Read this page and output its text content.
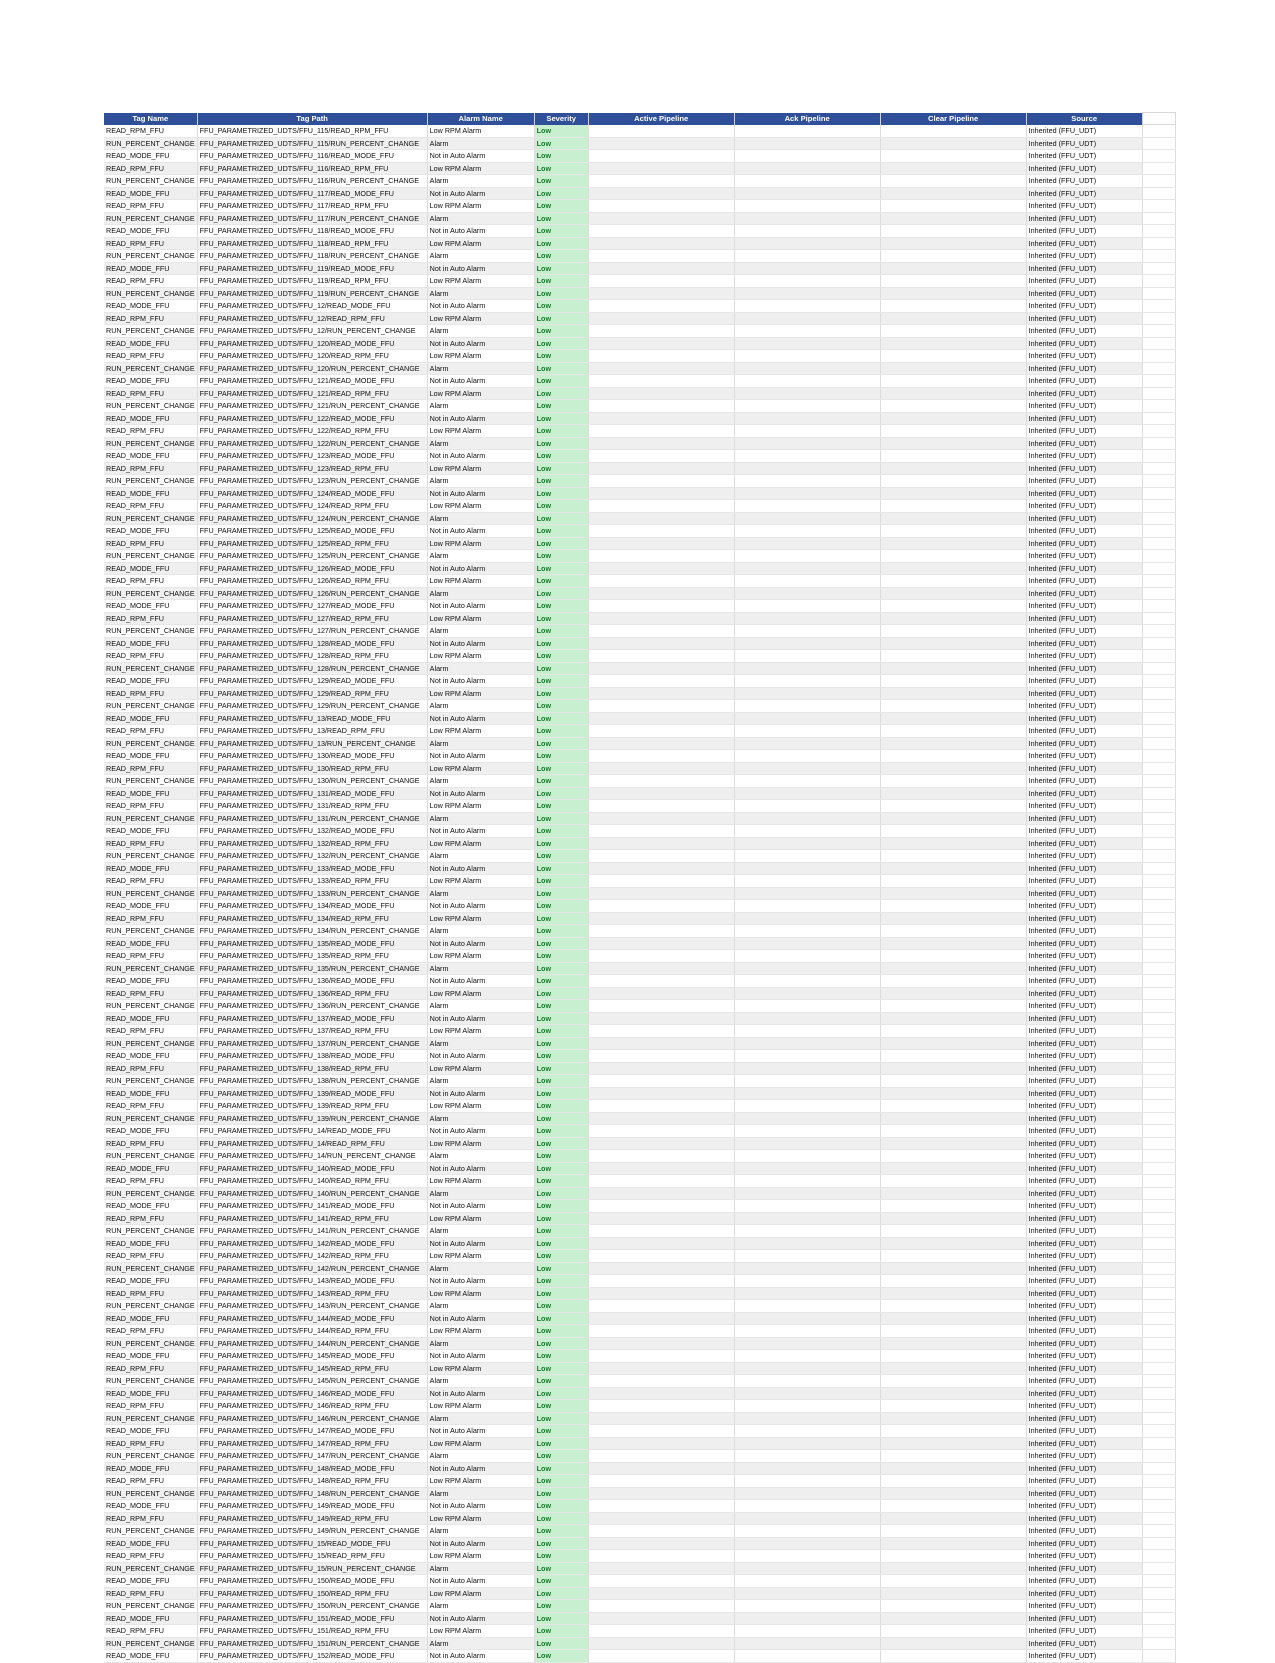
Tag Name	Tag Path	Alarm Name	Severity	Active Pipeline	Ack Pipeline	Clear Pipeline	Source	
READ_RPM_FFU	FFU_PARAMETRIZED_UDTS/FFU_115/READ_RPM_FFU	Low RPM Alarm	Low				Inherited (FFU_UDT)	
RUN_PERCENT_CHANGE	FFU_PARAMETRIZED_UDTS/FFU_115/RUN_PERCENT_CHANGE	Alarm	Low				Inherited (FFU_UDT)	
READ_MODE_FFU	FFU_PARAMETRIZED_UDTS/FFU_116/READ_MODE_FFU	Not in Auto Alarm	Low				Inherited (FFU_UDT)	
READ_RPM_FFU	FFU_PARAMETRIZED_UDTS/FFU_116/READ_RPM_FFU	Low RPM Alarm	Low				Inherited (FFU_UDT)	
RUN_PERCENT_CHANGE	FFU_PARAMETRIZED_UDTS/FFU_116/RUN_PERCENT_CHANGE	Alarm	Low				Inherited (FFU_UDT)	
READ_MODE_FFU	FFU_PARAMETRIZED_UDTS/FFU_117/READ_MODE_FFU	Not in Auto Alarm	Low				Inherited (FFU_UDT)	
READ_RPM_FFU	FFU_PARAMETRIZED_UDTS/FFU_117/READ_RPM_FFU	Low RPM Alarm	Low				Inherited (FFU_UDT)	
RUN_PERCENT_CHANGE	FFU_PARAMETRIZED_UDTS/FFU_117/RUN_PERCENT_CHANGE	Alarm	Low				Inherited (FFU_UDT)	
READ_MODE_FFU	FFU_PARAMETRIZED_UDTS/FFU_118/READ_MODE_FFU	Not in Auto Alarm	Low				Inherited (FFU_UDT)	
READ_RPM_FFU	FFU_PARAMETRIZED_UDTS/FFU_118/READ_RPM_FFU	Low RPM Alarm	Low				Inherited (FFU_UDT)	
RUN_PERCENT_CHANGE	FFU_PARAMETRIZED_UDTS/FFU_118/RUN_PERCENT_CHANGE	Alarm	Low				Inherited (FFU_UDT)	
READ_MODE_FFU	FFU_PARAMETRIZED_UDTS/FFU_119/READ_MODE_FFU	Not in Auto Alarm	Low				Inherited (FFU_UDT)	
READ_RPM_FFU	FFU_PARAMETRIZED_UDTS/FFU_119/READ_RPM_FFU	Low RPM Alarm	Low				Inherited (FFU_UDT)	
RUN_PERCENT_CHANGE	FFU_PARAMETRIZED_UDTS/FFU_119/RUN_PERCENT_CHANGE	Alarm	Low				Inherited (FFU_UDT)	
READ_MODE_FFU	FFU_PARAMETRIZED_UDTS/FFU_12/READ_MODE_FFU	Not in Auto Alarm	Low				Inherited (FFU_UDT)	
READ_RPM_FFU	FFU_PARAMETRIZED_UDTS/FFU_12/READ_RPM_FFU	Low RPM Alarm	Low				Inherited (FFU_UDT)	
RUN_PERCENT_CHANGE	FFU_PARAMETRIZED_UDTS/FFU_12/RUN_PERCENT_CHANGE	Alarm	Low				Inherited (FFU_UDT)	
READ_MODE_FFU	FFU_PARAMETRIZED_UDTS/FFU_120/READ_MODE_FFU	Not in Auto Alarm	Low				Inherited (FFU_UDT)	
READ_RPM_FFU	FFU_PARAMETRIZED_UDTS/FFU_120/READ_RPM_FFU	Low RPM Alarm	Low				Inherited (FFU_UDT)	
RUN_PERCENT_CHANGE	FFU_PARAMETRIZED_UDTS/FFU_120/RUN_PERCENT_CHANGE	Alarm	Low				Inherited (FFU_UDT)	
READ_MODE_FFU	FFU_PARAMETRIZED_UDTS/FFU_121/READ_MODE_FFU	Not in Auto Alarm	Low				Inherited (FFU_UDT)	
READ_RPM_FFU	FFU_PARAMETRIZED_UDTS/FFU_121/READ_RPM_FFU	Low RPM Alarm	Low				Inherited (FFU_UDT)	
RUN_PERCENT_CHANGE	FFU_PARAMETRIZED_UDTS/FFU_121/RUN_PERCENT_CHANGE	Alarm	Low				Inherited (FFU_UDT)	
READ_MODE_FFU	FFU_PARAMETRIZED_UDTS/FFU_122/READ_MODE_FFU	Not in Auto Alarm	Low				Inherited (FFU_UDT)	
READ_RPM_FFU	FFU_PARAMETRIZED_UDTS/FFU_122/READ_RPM_FFU	Low RPM Alarm	Low				Inherited (FFU_UDT)	
RUN_PERCENT_CHANGE	FFU_PARAMETRIZED_UDTS/FFU_122/RUN_PERCENT_CHANGE	Alarm	Low				Inherited (FFU_UDT)	
READ_MODE_FFU	FFU_PARAMETRIZED_UDTS/FFU_123/READ_MODE_FFU	Not in Auto Alarm	Low				Inherited (FFU_UDT)	
READ_RPM_FFU	FFU_PARAMETRIZED_UDTS/FFU_123/READ_RPM_FFU	Low RPM Alarm	Low				Inherited (FFU_UDT)	
RUN_PERCENT_CHANGE	FFU_PARAMETRIZED_UDTS/FFU_123/RUN_PERCENT_CHANGE	Alarm	Low				Inherited (FFU_UDT)	
READ_MODE_FFU	FFU_PARAMETRIZED_UDTS/FFU_124/READ_MODE_FFU	Not in Auto Alarm	Low				Inherited (FFU_UDT)	
READ_RPM_FFU	FFU_PARAMETRIZED_UDTS/FFU_124/READ_RPM_FFU	Low RPM Alarm	Low				Inherited (FFU_UDT)	
RUN_PERCENT_CHANGE	FFU_PARAMETRIZED_UDTS/FFU_124/RUN_PERCENT_CHANGE	Alarm	Low				Inherited (FFU_UDT)	
READ_MODE_FFU	FFU_PARAMETRIZED_UDTS/FFU_125/READ_MODE_FFU	Not in Auto Alarm	Low				Inherited (FFU_UDT)	
READ_RPM_FFU	FFU_PARAMETRIZED_UDTS/FFU_125/READ_RPM_FFU	Low RPM Alarm	Low				Inherited (FFU_UDT)	
RUN_PERCENT_CHANGE	FFU_PARAMETRIZED_UDTS/FFU_125/RUN_PERCENT_CHANGE	Alarm	Low				Inherited (FFU_UDT)	
READ_MODE_FFU	FFU_PARAMETRIZED_UDTS/FFU_126/READ_MODE_FFU	Not in Auto Alarm	Low				Inherited (FFU_UDT)	
READ_RPM_FFU	FFU_PARAMETRIZED_UDTS/FFU_126/READ_RPM_FFU	Low RPM Alarm	Low				Inherited (FFU_UDT)	
RUN_PERCENT_CHANGE	FFU_PARAMETRIZED_UDTS/FFU_126/RUN_PERCENT_CHANGE	Alarm	Low				Inherited (FFU_UDT)	
READ_MODE_FFU	FFU_PARAMETRIZED_UDTS/FFU_127/READ_MODE_FFU	Not in Auto Alarm	Low				Inherited (FFU_UDT)	
READ_RPM_FFU	FFU_PARAMETRIZED_UDTS/FFU_127/READ_RPM_FFU	Low RPM Alarm	Low				Inherited (FFU_UDT)	
RUN_PERCENT_CHANGE	FFU_PARAMETRIZED_UDTS/FFU_127/RUN_PERCENT_CHANGE	Alarm	Low				Inherited (FFU_UDT)	
READ_MODE_FFU	FFU_PARAMETRIZED_UDTS/FFU_128/READ_MODE_FFU	Not in Auto Alarm	Low				Inherited (FFU_UDT)	
READ_RPM_FFU	FFU_PARAMETRIZED_UDTS/FFU_128/READ_RPM_FFU	Low RPM Alarm	Low				Inherited (FFU_UDT)	
RUN_PERCENT_CHANGE	FFU_PARAMETRIZED_UDTS/FFU_128/RUN_PERCENT_CHANGE	Alarm	Low				Inherited (FFU_UDT)	
READ_MODE_FFU	FFU_PARAMETRIZED_UDTS/FFU_129/READ_MODE_FFU	Not in Auto Alarm	Low				Inherited (FFU_UDT)	
READ_RPM_FFU	FFU_PARAMETRIZED_UDTS/FFU_129/READ_RPM_FFU	Low RPM Alarm	Low				Inherited (FFU_UDT)	
RUN_PERCENT_CHANGE	FFU_PARAMETRIZED_UDTS/FFU_129/RUN_PERCENT_CHANGE	Alarm	Low				Inherited (FFU_UDT)	
READ_MODE_FFU	FFU_PARAMETRIZED_UDTS/FFU_13/READ_MODE_FFU	Not in Auto Alarm	Low				Inherited (FFU_UDT)	
READ_RPM_FFU	FFU_PARAMETRIZED_UDTS/FFU_13/READ_RPM_FFU	Low RPM Alarm	Low				Inherited (FFU_UDT)	
RUN_PERCENT_CHANGE	FFU_PARAMETRIZED_UDTS/FFU_13/RUN_PERCENT_CHANGE	Alarm	Low				Inherited (FFU_UDT)	
READ_MODE_FFU	FFU_PARAMETRIZED_UDTS/FFU_130/READ_MODE_FFU	Not in Auto Alarm	Low				Inherited (FFU_UDT)	
READ_RPM_FFU	FFU_PARAMETRIZED_UDTS/FFU_130/READ_RPM_FFU	Low RPM Alarm	Low				Inherited (FFU_UDT)	
RUN_PERCENT_CHANGE	FFU_PARAMETRIZED_UDTS/FFU_130/RUN_PERCENT_CHANGE	Alarm	Low				Inherited (FFU_UDT)	
READ_MODE_FFU	FFU_PARAMETRIZED_UDTS/FFU_131/READ_MODE_FFU	Not in Auto Alarm	Low				Inherited (FFU_UDT)	
READ_RPM_FFU	FFU_PARAMETRIZED_UDTS/FFU_131/READ_RPM_FFU	Low RPM Alarm	Low				Inherited (FFU_UDT)	
RUN_PERCENT_CHANGE	FFU_PARAMETRIZED_UDTS/FFU_131/RUN_PERCENT_CHANGE	Alarm	Low				Inherited (FFU_UDT)	
READ_MODE_FFU	FFU_PARAMETRIZED_UDTS/FFU_132/READ_MODE_FFU	Not in Auto Alarm	Low				Inherited (FFU_UDT)	
READ_RPM_FFU	FFU_PARAMETRIZED_UDTS/FFU_132/READ_RPM_FFU	Low RPM Alarm	Low				Inherited (FFU_UDT)	
RUN_PERCENT_CHANGE	FFU_PARAMETRIZED_UDTS/FFU_132/RUN_PERCENT_CHANGE	Alarm	Low				Inherited (FFU_UDT)	
READ_MODE_FFU	FFU_PARAMETRIZED_UDTS/FFU_133/READ_MODE_FFU	Not in Auto Alarm	Low				Inherited (FFU_UDT)	
READ_RPM_FFU	FFU_PARAMETRIZED_UDTS/FFU_133/READ_RPM_FFU	Low RPM Alarm	Low				Inherited (FFU_UDT)	
RUN_PERCENT_CHANGE	FFU_PARAMETRIZED_UDTS/FFU_133/RUN_PERCENT_CHANGE	Alarm	Low				Inherited (FFU_UDT)	
READ_MODE_FFU	FFU_PARAMETRIZED_UDTS/FFU_134/READ_MODE_FFU	Not in Auto Alarm	Low				Inherited (FFU_UDT)	
READ_RPM_FFU	FFU_PARAMETRIZED_UDTS/FFU_134/READ_RPM_FFU	Low RPM Alarm	Low				Inherited (FFU_UDT)	
RUN_PERCENT_CHANGE	FFU_PARAMETRIZED_UDTS/FFU_134/RUN_PERCENT_CHANGE	Alarm	Low				Inherited (FFU_UDT)	
READ_MODE_FFU	FFU_PARAMETRIZED_UDTS/FFU_135/READ_MODE_FFU	Not in Auto Alarm	Low				Inherited (FFU_UDT)	
READ_RPM_FFU	FFU_PARAMETRIZED_UDTS/FFU_135/READ_RPM_FFU	Low RPM Alarm	Low				Inherited (FFU_UDT)	
RUN_PERCENT_CHANGE	FFU_PARAMETRIZED_UDTS/FFU_135/RUN_PERCENT_CHANGE	Alarm	Low				Inherited (FFU_UDT)	
READ_MODE_FFU	FFU_PARAMETRIZED_UDTS/FFU_136/READ_MODE_FFU	Not in Auto Alarm	Low				Inherited (FFU_UDT)	
READ_RPM_FFU	FFU_PARAMETRIZED_UDTS/FFU_136/READ_RPM_FFU	Low RPM Alarm	Low				Inherited (FFU_UDT)	
RUN_PERCENT_CHANGE	FFU_PARAMETRIZED_UDTS/FFU_136/RUN_PERCENT_CHANGE	Alarm	Low				Inherited (FFU_UDT)	
READ_MODE_FFU	FFU_PARAMETRIZED_UDTS/FFU_137/READ_MODE_FFU	Not in Auto Alarm	Low				Inherited (FFU_UDT)	
READ_RPM_FFU	FFU_PARAMETRIZED_UDTS/FFU_137/READ_RPM_FFU	Low RPM Alarm	Low				Inherited (FFU_UDT)	
RUN_PERCENT_CHANGE	FFU_PARAMETRIZED_UDTS/FFU_137/RUN_PERCENT_CHANGE	Alarm	Low				Inherited (FFU_UDT)	
READ_MODE_FFU	FFU_PARAMETRIZED_UDTS/FFU_138/READ_MODE_FFU	Not in Auto Alarm	Low				Inherited (FFU_UDT)	
READ_RPM_FFU	FFU_PARAMETRIZED_UDTS/FFU_138/READ_RPM_FFU	Low RPM Alarm	Low				Inherited (FFU_UDT)	
RUN_PERCENT_CHANGE	FFU_PARAMETRIZED_UDTS/FFU_138/RUN_PERCENT_CHANGE	Alarm	Low				Inherited (FFU_UDT)	
READ_MODE_FFU	FFU_PARAMETRIZED_UDTS/FFU_139/READ_MODE_FFU	Not in Auto Alarm	Low				Inherited (FFU_UDT)	
READ_RPM_FFU	FFU_PARAMETRIZED_UDTS/FFU_139/READ_RPM_FFU	Low RPM Alarm	Low				Inherited (FFU_UDT)	
RUN_PERCENT_CHANGE	FFU_PARAMETRIZED_UDTS/FFU_139/RUN_PERCENT_CHANGE	Alarm	Low				Inherited (FFU_UDT)	
READ_MODE_FFU	FFU_PARAMETRIZED_UDTS/FFU_14/READ_MODE_FFU	Not in Auto Alarm	Low				Inherited (FFU_UDT)	
READ_RPM_FFU	FFU_PARAMETRIZED_UDTS/FFU_14/READ_RPM_FFU	Low RPM Alarm	Low				Inherited (FFU_UDT)	
RUN_PERCENT_CHANGE	FFU_PARAMETRIZED_UDTS/FFU_14/RUN_PERCENT_CHANGE	Alarm	Low				Inherited (FFU_UDT)	
READ_MODE_FFU	FFU_PARAMETRIZED_UDTS/FFU_140/READ_MODE_FFU	Not in Auto Alarm	Low				Inherited (FFU_UDT)	
READ_RPM_FFU	FFU_PARAMETRIZED_UDTS/FFU_140/READ_RPM_FFU	Low RPM Alarm	Low				Inherited (FFU_UDT)	
RUN_PERCENT_CHANGE	FFU_PARAMETRIZED_UDTS/FFU_140/RUN_PERCENT_CHANGE	Alarm	Low				Inherited (FFU_UDT)	
READ_MODE_FFU	FFU_PARAMETRIZED_UDTS/FFU_141/READ_MODE_FFU	Not in Auto Alarm	Low				Inherited (FFU_UDT)	
READ_RPM_FFU	FFU_PARAMETRIZED_UDTS/FFU_141/READ_RPM_FFU	Low RPM Alarm	Low				Inherited (FFU_UDT)	
RUN_PERCENT_CHANGE	FFU_PARAMETRIZED_UDTS/FFU_141/RUN_PERCENT_CHANGE	Alarm	Low				Inherited (FFU_UDT)	
READ_MODE_FFU	FFU_PARAMETRIZED_UDTS/FFU_142/READ_MODE_FFU	Not in Auto Alarm	Low				Inherited (FFU_UDT)	
READ_RPM_FFU	FFU_PARAMETRIZED_UDTS/FFU_142/READ_RPM_FFU	Low RPM Alarm	Low				Inherited (FFU_UDT)	
RUN_PERCENT_CHANGE	FFU_PARAMETRIZED_UDTS/FFU_142/RUN_PERCENT_CHANGE	Alarm	Low				Inherited (FFU_UDT)	
READ_MODE_FFU	FFU_PARAMETRIZED_UDTS/FFU_143/READ_MODE_FFU	Not in Auto Alarm	Low				Inherited (FFU_UDT)	
READ_RPM_FFU	FFU_PARAMETRIZED_UDTS/FFU_143/READ_RPM_FFU	Low RPM Alarm	Low				Inherited (FFU_UDT)	
RUN_PERCENT_CHANGE	FFU_PARAMETRIZED_UDTS/FFU_143/RUN_PERCENT_CHANGE	Alarm	Low				Inherited (FFU_UDT)	
READ_MODE_FFU	FFU_PARAMETRIZED_UDTS/FFU_144/READ_MODE_FFU	Not in Auto Alarm	Low				Inherited (FFU_UDT)	
READ_RPM_FFU	FFU_PARAMETRIZED_UDTS/FFU_144/READ_RPM_FFU	Low RPM Alarm	Low				Inherited (FFU_UDT)	
RUN_PERCENT_CHANGE	FFU_PARAMETRIZED_UDTS/FFU_144/RUN_PERCENT_CHANGE	Alarm	Low				Inherited (FFU_UDT)	
READ_MODE_FFU	FFU_PARAMETRIZED_UDTS/FFU_145/READ_MODE_FFU	Not in Auto Alarm	Low				Inherited (FFU_UDT)	
READ_RPM_FFU	FFU_PARAMETRIZED_UDTS/FFU_145/READ_RPM_FFU	Low RPM Alarm	Low				Inherited (FFU_UDT)	
RUN_PERCENT_CHANGE	FFU_PARAMETRIZED_UDTS/FFU_145/RUN_PERCENT_CHANGE	Alarm	Low				Inherited (FFU_UDT)	
READ_MODE_FFU	FFU_PARAMETRIZED_UDTS/FFU_146/READ_MODE_FFU	Not in Auto Alarm	Low				Inherited (FFU_UDT)	
READ_RPM_FFU	FFU_PARAMETRIZED_UDTS/FFU_146/READ_RPM_FFU	Low RPM Alarm	Low				Inherited (FFU_UDT)	
RUN_PERCENT_CHANGE	FFU_PARAMETRIZED_UDTS/FFU_146/RUN_PERCENT_CHANGE	Alarm	Low				Inherited (FFU_UDT)	
READ_MODE_FFU	FFU_PARAMETRIZED_UDTS/FFU_147/READ_MODE_FFU	Not in Auto Alarm	Low				Inherited (FFU_UDT)	
READ_RPM_FFU	FFU_PARAMETRIZED_UDTS/FFU_147/READ_RPM_FFU	Low RPM Alarm	Low				Inherited (FFU_UDT)	
RUN_PERCENT_CHANGE	FFU_PARAMETRIZED_UDTS/FFU_147/RUN_PERCENT_CHANGE	Alarm	Low				Inherited (FFU_UDT)	
READ_MODE_FFU	FFU_PARAMETRIZED_UDTS/FFU_148/READ_MODE_FFU	Not in Auto Alarm	Low				Inherited (FFU_UDT)	
READ_RPM_FFU	FFU_PARAMETRIZED_UDTS/FFU_148/READ_RPM_FFU	Low RPM Alarm	Low				Inherited (FFU_UDT)	
RUN_PERCENT_CHANGE	FFU_PARAMETRIZED_UDTS/FFU_148/RUN_PERCENT_CHANGE	Alarm	Low				Inherited (FFU_UDT)	
READ_MODE_FFU	FFU_PARAMETRIZED_UDTS/FFU_149/READ_MODE_FFU	Not in Auto Alarm	Low				Inherited (FFU_UDT)	
READ_RPM_FFU	FFU_PARAMETRIZED_UDTS/FFU_149/READ_RPM_FFU	Low RPM Alarm	Low				Inherited (FFU_UDT)	
RUN_PERCENT_CHANGE	FFU_PARAMETRIZED_UDTS/FFU_149/RUN_PERCENT_CHANGE	Alarm	Low				Inherited (FFU_UDT)	
READ_MODE_FFU	FFU_PARAMETRIZED_UDTS/FFU_15/READ_MODE_FFU	Not in Auto Alarm	Low				Inherited (FFU_UDT)	
READ_RPM_FFU	FFU_PARAMETRIZED_UDTS/FFU_15/READ_RPM_FFU	Low RPM Alarm	Low				Inherited (FFU_UDT)	
RUN_PERCENT_CHANGE	FFU_PARAMETRIZED_UDTS/FFU_15/RUN_PERCENT_CHANGE	Alarm	Low				Inherited (FFU_UDT)	
READ_MODE_FFU	FFU_PARAMETRIZED_UDTS/FFU_150/READ_MODE_FFU	Not in Auto Alarm	Low				Inherited (FFU_UDT)	
READ_RPM_FFU	FFU_PARAMETRIZED_UDTS/FFU_150/READ_RPM_FFU	Low RPM Alarm	Low				Inherited (FFU_UDT)	
RUN_PERCENT_CHANGE	FFU_PARAMETRIZED_UDTS/FFU_150/RUN_PERCENT_CHANGE	Alarm	Low				Inherited (FFU_UDT)	
READ_MODE_FFU	FFU_PARAMETRIZED_UDTS/FFU_151/READ_MODE_FFU	Not in Auto Alarm	Low				Inherited (FFU_UDT)	
READ_RPM_FFU	FFU_PARAMETRIZED_UDTS/FFU_151/READ_RPM_FFU	Low RPM Alarm	Low				Inherited (FFU_UDT)	
RUN_PERCENT_CHANGE	FFU_PARAMETRIZED_UDTS/FFU_151/RUN_PERCENT_CHANGE	Alarm	Low				Inherited (FFU_UDT)	
READ_MODE_FFU	FFU_PARAMETRIZED_UDTS/FFU_152/READ_MODE_FFU	Not in Auto Alarm	Low				Inherited (FFU_UDT)	
